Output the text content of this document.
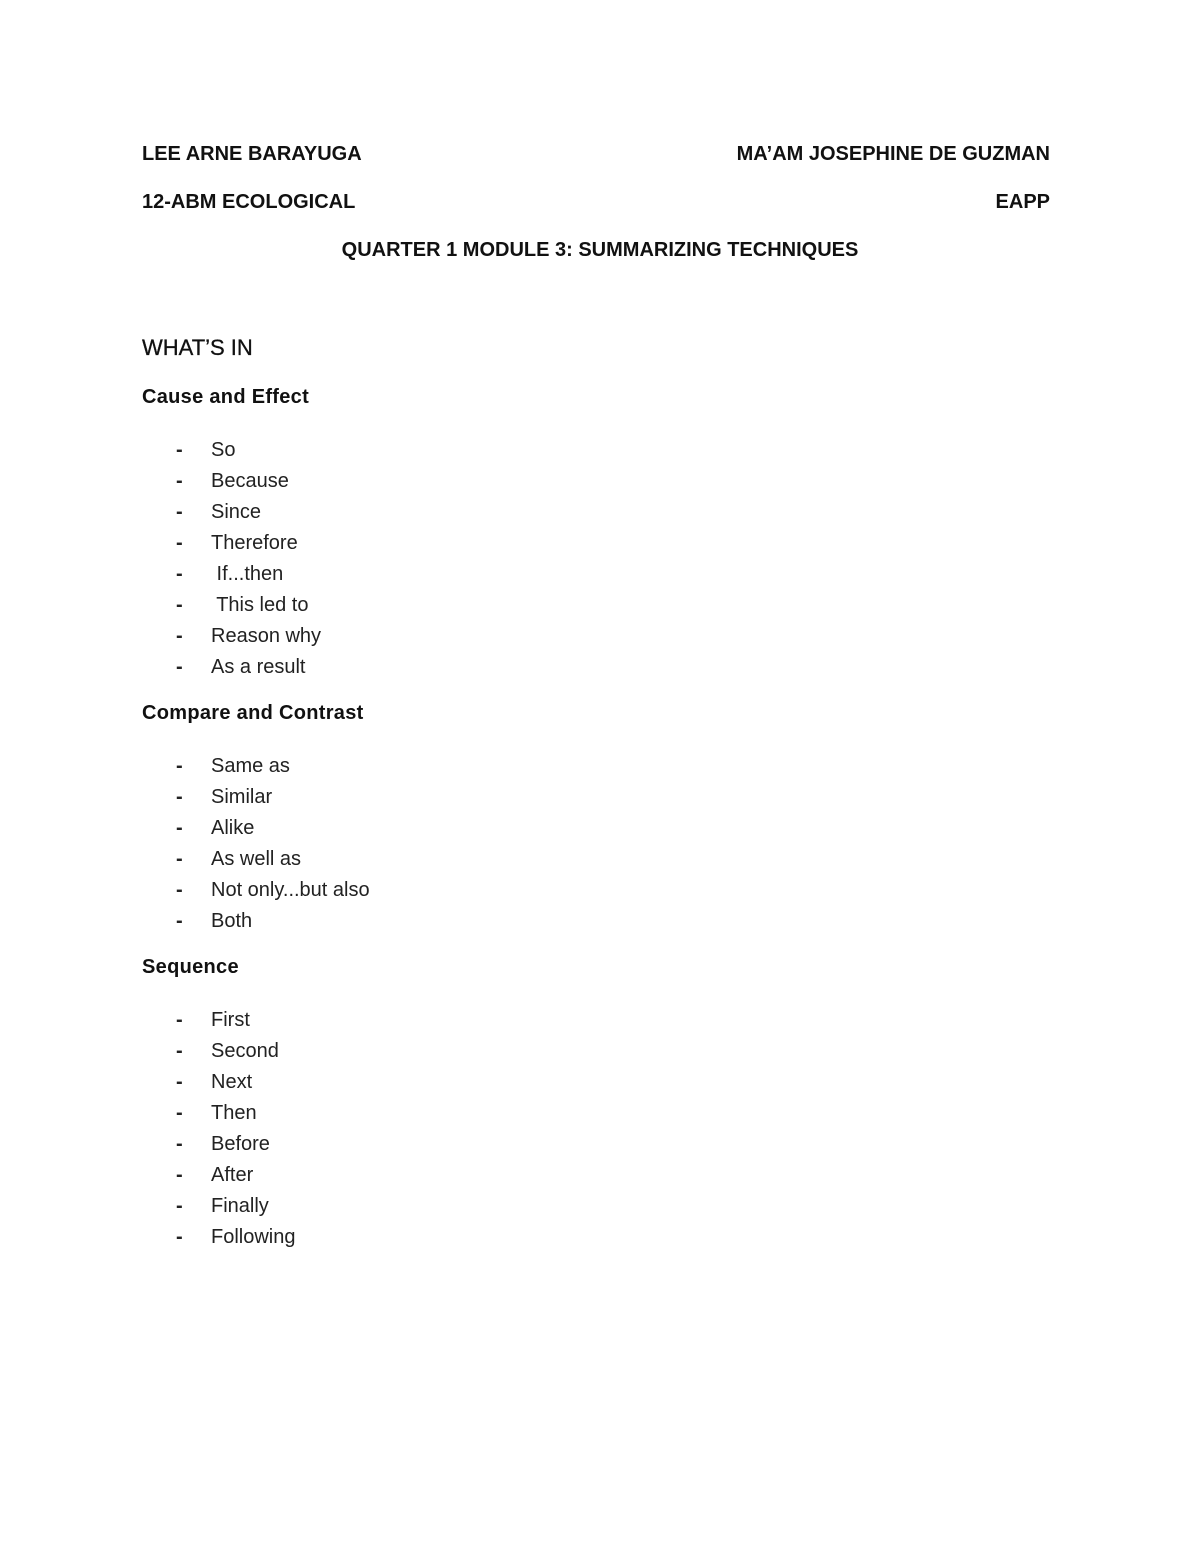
LEE ARNE BARAYUGA	MA’AM JOSEPHINE DE GUZMAN
12-ABM ECOLOGICAL	EAPP
QUARTER 1 MODULE 3: SUMMARIZING TECHNIQUES
WHAT’S IN
Cause and Effect
- So
- Because
- Since
- Therefore
- If...then
- This led to
- Reason why
- As a result
Compare and Contrast
- Same as
- Similar
- Alike
- As well as
- Not only...but also
- Both
Sequence
- First
- Second
- Next
- Then
- Before
- After
- Finally
- Following
